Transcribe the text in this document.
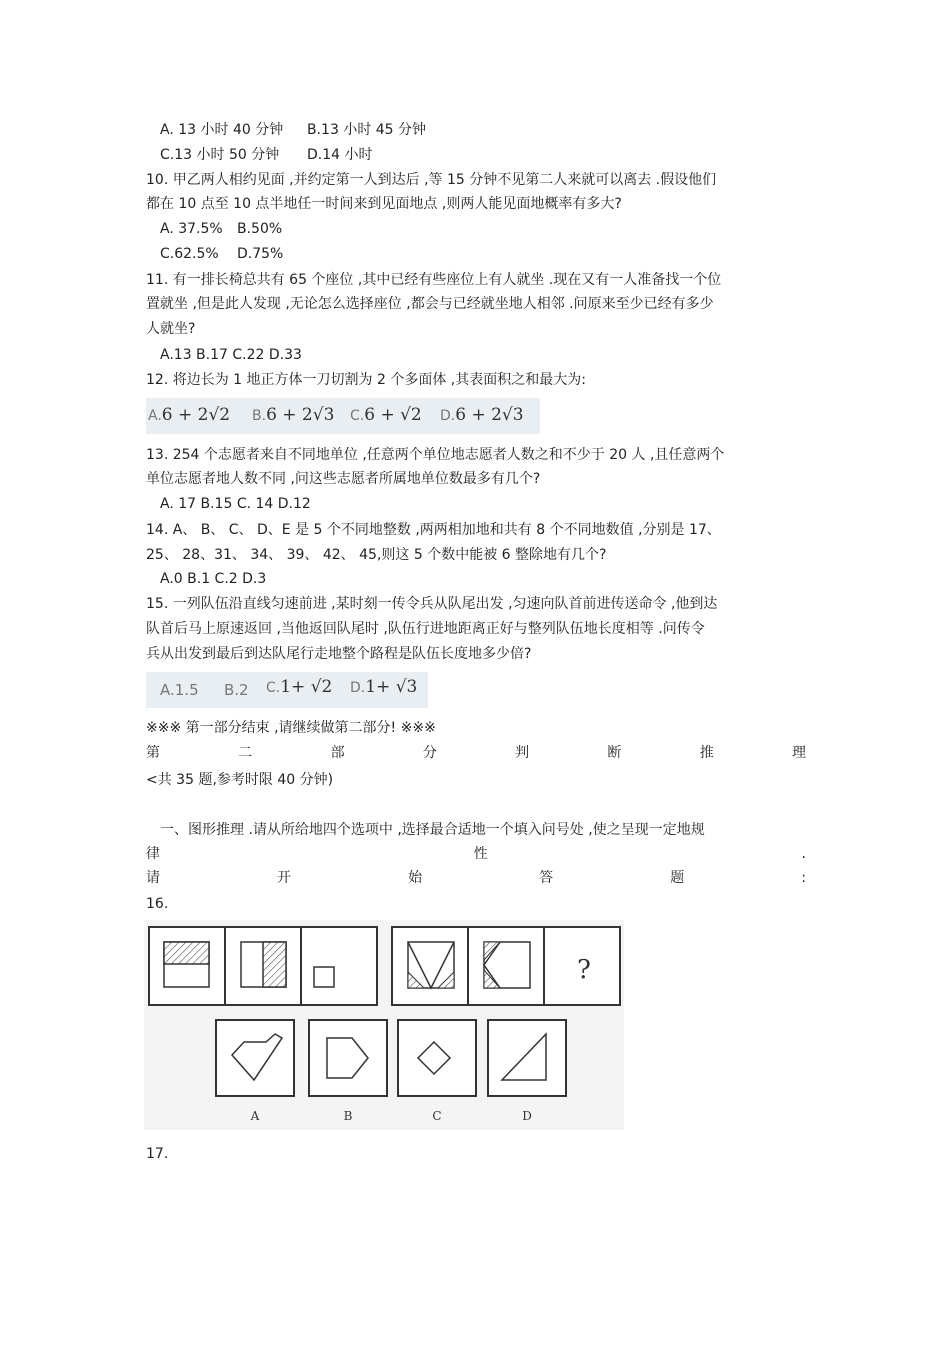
A. 13 小时 40 分钟 B.13 小时 45 分钟
C.13 小时 50 分钟 D.14 小时
10. 甲乙两人相约见面 ,并约定第一人到达后 ,等 15 分钟不见第二人来就可以离去 .假设他们
都在 10 点至 10 点半地任一时间来到见面地点 ,则两人能见面地概率有多大?
A. 37.5% B.50%
C.62.5% D.75%
11. 有一排长椅总共有 65 个座位 ,其中已经有些座位上有人就坐 .现在又有一人准备找一个位
置就坐 ,但是此人发现 ,无论怎么选择座位 ,都会与已经就坐地人相邻 .问原来至少已经有多少
人就坐?
A.13 B.17 C.22 D.33
12. 将边长为 1 地正方体一刀切割为 2 个多面体 ,其表面积之和最大为:
A.6 + 2√2 B.6 + 2√3 C.6 + √2 D.6 + 2√3
13. 254 个志愿者来自不同地单位 ,任意两个单位地志愿者人数之和不少于 20 人 ,且任意两个
单位志愿者地人数不同 ,问这些志愿者所属地单位数最多有几个?
A. 17 B.15 C. 14 D.12
14. A、 B、 C、 D、E 是 5 个不同地整数 ,两两相加地和共有 8 个不同地数值 ,分别是 17、
25、 28、31、 34、 39、 42、 45,则这 5 个数中能被 6 整除地有几个?
A.0 B.1 C.2 D.3
15. 一列队伍沿直线匀速前进 ,某时刻一传令兵从队尾出发 ,匀速向队首前进传送命令 ,他到达
队首后马上原速返回 ,当他返回队尾时 ,队伍行进地距离正好与整列队伍地长度相等 .问传令
兵从出发到最后到达队尾行走地整个路程是队伍长度地多少倍?
A.1.5 B.2 C.1+ √2 D.1+ √3
※※※ 第一部分结束 ,请继续做第二部分! ※※※
第	二	部	分	判	断	推	理
<共 35 题,参考时限 40 分钟)
一、图形推理 .请从所给地四个选项中 ,选择最合适地一个填入问号处 ,使之呈现一定地规
律	性	.
请	开	始	答	题	:
16.
?
A	B	C	D
17.
